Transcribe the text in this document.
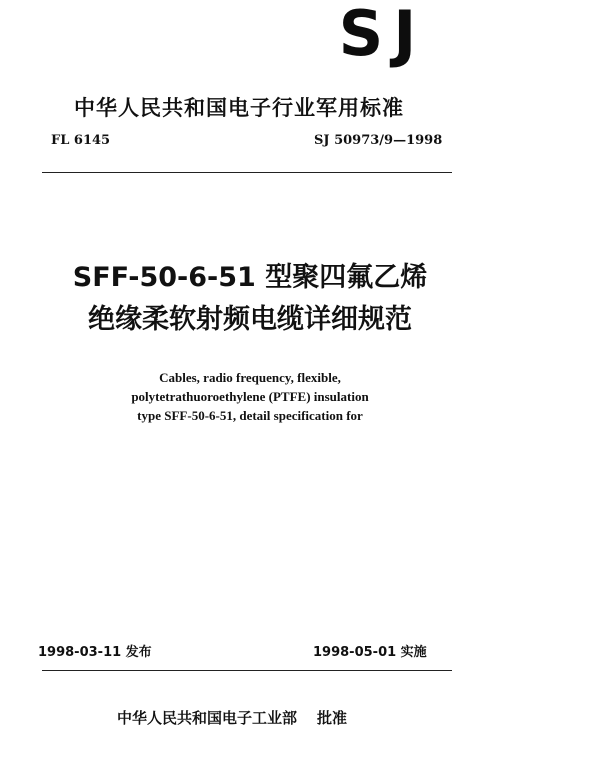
SJ
中华人民共和国电子行业军用标准
FL 6145	SJ 50973/9—1998
SFF-50-6-51 型聚四氟乙烯
绝缘柔软射频电缆详细规范
Cables, radio frequency, flexible,
polytetrathuoroethylene (PTFE) insulation
type SFF-50-6-51, detail specification for
1998-03-11 发布	1998-05-01 实施
中华人民共和国电子工业部 批准
